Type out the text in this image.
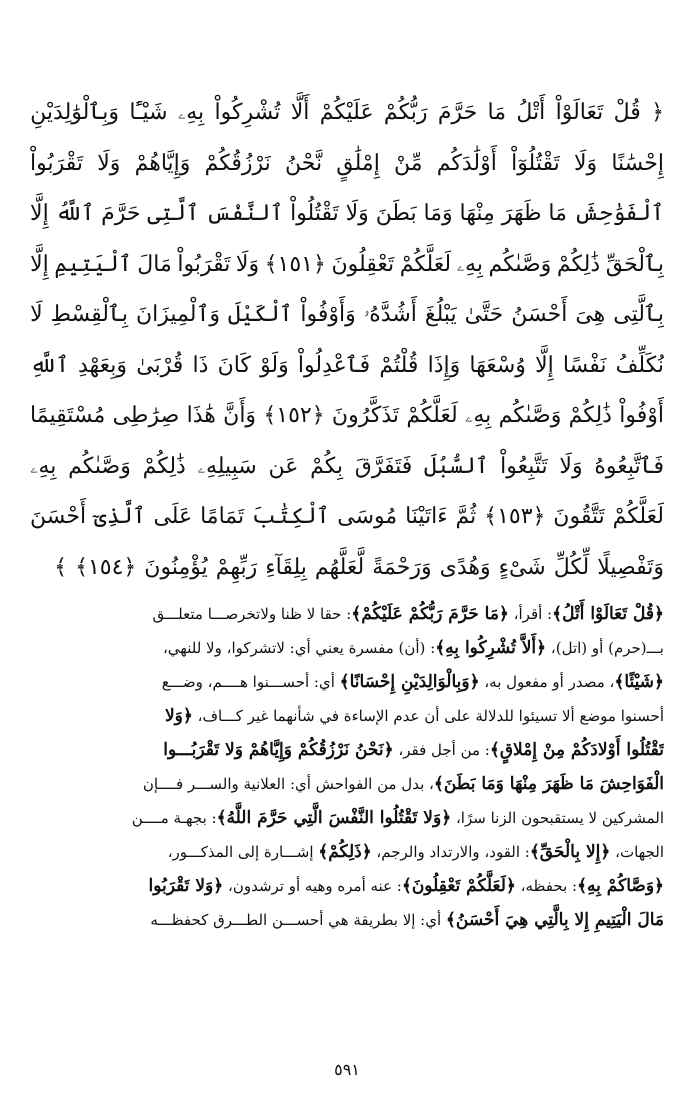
﴿
قُلْ
تَعَالَوْاْ
أَتْلُ
مَا
حَرَّمَ
رَبُّكُمْ
عَلَيْكُمْ
أَلَّا
تُشْرِكُواْ
بِهِۦ
شَيْـًٔا
وَبِٱلْوَٰلِدَيْنِ
إِحْسَٰنًا
وَلَا
تَقْتُلُوٓاْ
أَوْلَٰدَكُم
مِّنْ
إِمْلَٰقٍ
نَّحْنُ
نَرْزُقُكُمْ
وَإِيَّاهُمْ
وَلَا
تَقْرَبُواْ
ٱلْفَوَٰحِشَ
مَا
ظَهَرَ
مِنْهَا
وَمَا
بَطَنَ
وَلَا
تَقْتُلُواْ
ٱلنَّفْسَ
ٱلَّتِى
حَرَّمَ
ٱللَّهُ
إِلَّا
بِٱلْحَقِّ
ذَٰلِكُمْ
وَصَّىٰكُم
بِهِۦ
لَعَلَّكُمْ
تَعْقِلُونَ
﴿١٥١﴾
وَلَا
تَقْرَبُواْ
مَالَ
ٱلْيَتِيمِ
إِلَّا
بِٱلَّتِى
هِىَ
أَحْسَنُ
حَتَّىٰ
يَبْلُغَ
أَشُدَّهُۥ
وَأَوْفُواْ
ٱلْكَيْلَ
وَٱلْمِيزَانَ
بِٱلْقِسْطِ
لَا
نُكَلِّفُ
نَفْسًا
إِلَّا
وُسْعَهَا
وَإِذَا
قُلْتُمْ
فَٱعْدِلُواْ
وَلَوْ
كَانَ
ذَا
قُرْبَىٰ
وَبِعَهْدِ
ٱللَّهِ
أَوْفُواْ
ذَٰلِكُمْ
وَصَّىٰكُم
بِهِۦ
لَعَلَّكُمْ
تَذَكَّرُونَ
﴿١٥٢﴾
وَأَنَّ
هَٰذَا
صِرَٰطِى
مُسْتَقِيمًا
فَٱتَّبِعُوهُ
وَلَا
تَتَّبِعُواْ
ٱلسُّبُلَ
فَتَفَرَّقَ
بِكُمْ
عَن
سَبِيلِهِۦ
ذَٰلِكُمْ
وَصَّىٰكُم
بِهِۦ
لَعَلَّكُمْ
تَتَّقُونَ
﴿١٥٣﴾
ثُمَّ
ءَاتَيْنَا
مُوسَى
ٱلْكِتَٰبَ
تَمَامًا
عَلَى
ٱلَّذِىٓ
أَحْسَنَ
وَتَفْصِيلًا
لِّكُلِّ
شَىْءٍ
وَهُدًى
وَرَحْمَةً
لَّعَلَّهُم
بِلِقَآءِ
رَبِّهِمْ
يُؤْمِنُونَ
﴿١٥٤﴾
﴾
﴿قُلْ تَعَالَوْا أَتْلُ﴾: أقرأ، ﴿مَا حَرَّمَ رَبُّكُمْ عَلَيْكُمْ﴾: حقا لا ظنا ولاتخرصـــا متعلـــق
بـــ(حرم) أو (اتل)، ﴿أَلاَّ تُشْرِكُوا بِهِ﴾: (أن) مفسرة يعني أي: لاتشركوا، ولا للنهي،
﴿شَيْئًا﴾، مصدر أو مفعول به، ﴿وَبِالْوَالِدَيْنِ إِحْسَانًا﴾ أي: أحســـنوا هــــم، وضـــع
أحسنوا موضع ألا تسيئوا للدلالة على أن عدم الإساءة في شأنهما غير كـــاف، ﴿وَلا
تَقْتُلُوا أَوْلادَكُمْ مِنْ إِمْلاقٍ﴾: من أجل فقر، ﴿نَحْنُ نَرْزُقُكُمْ وَإِيَّاهُمْ وَلا تَقْرَبُـــوا
الْفَوَاحِشَ مَا ظَهَرَ مِنْهَا وَمَا بَطَنَ﴾، بدل من الفواحش أي: العلانية والســـر فــــإن
المشركين لا يستقبحون الزنا سرًا، ﴿وَلا تَقْتُلُوا النَّفْسَ الَّتِي حَرَّمَ اللَّهُ﴾: بجهـة مــــن
الجهات، ﴿إِلا بِالْحَقِّ﴾: القود، والارتداد والرجم، ﴿ذَلِكُمْ﴾ إشـــارة إلى المذكـــور،
﴿وَصَّاكُمْ بِهِ﴾: بحفظه، ﴿لَعَلَّكُمْ تَعْقِلُونَ﴾: عنه أمره وهيه أو ترشدون، ﴿وَلا تَقْرَبُوا
مَالَ الْيَتِيمِ إِلا بِالَّتِي هِيَ أَحْسَنُ﴾ أي: إلا بطريقة هي أحســـن الطـــرق كحفظـــه
٥٩١
